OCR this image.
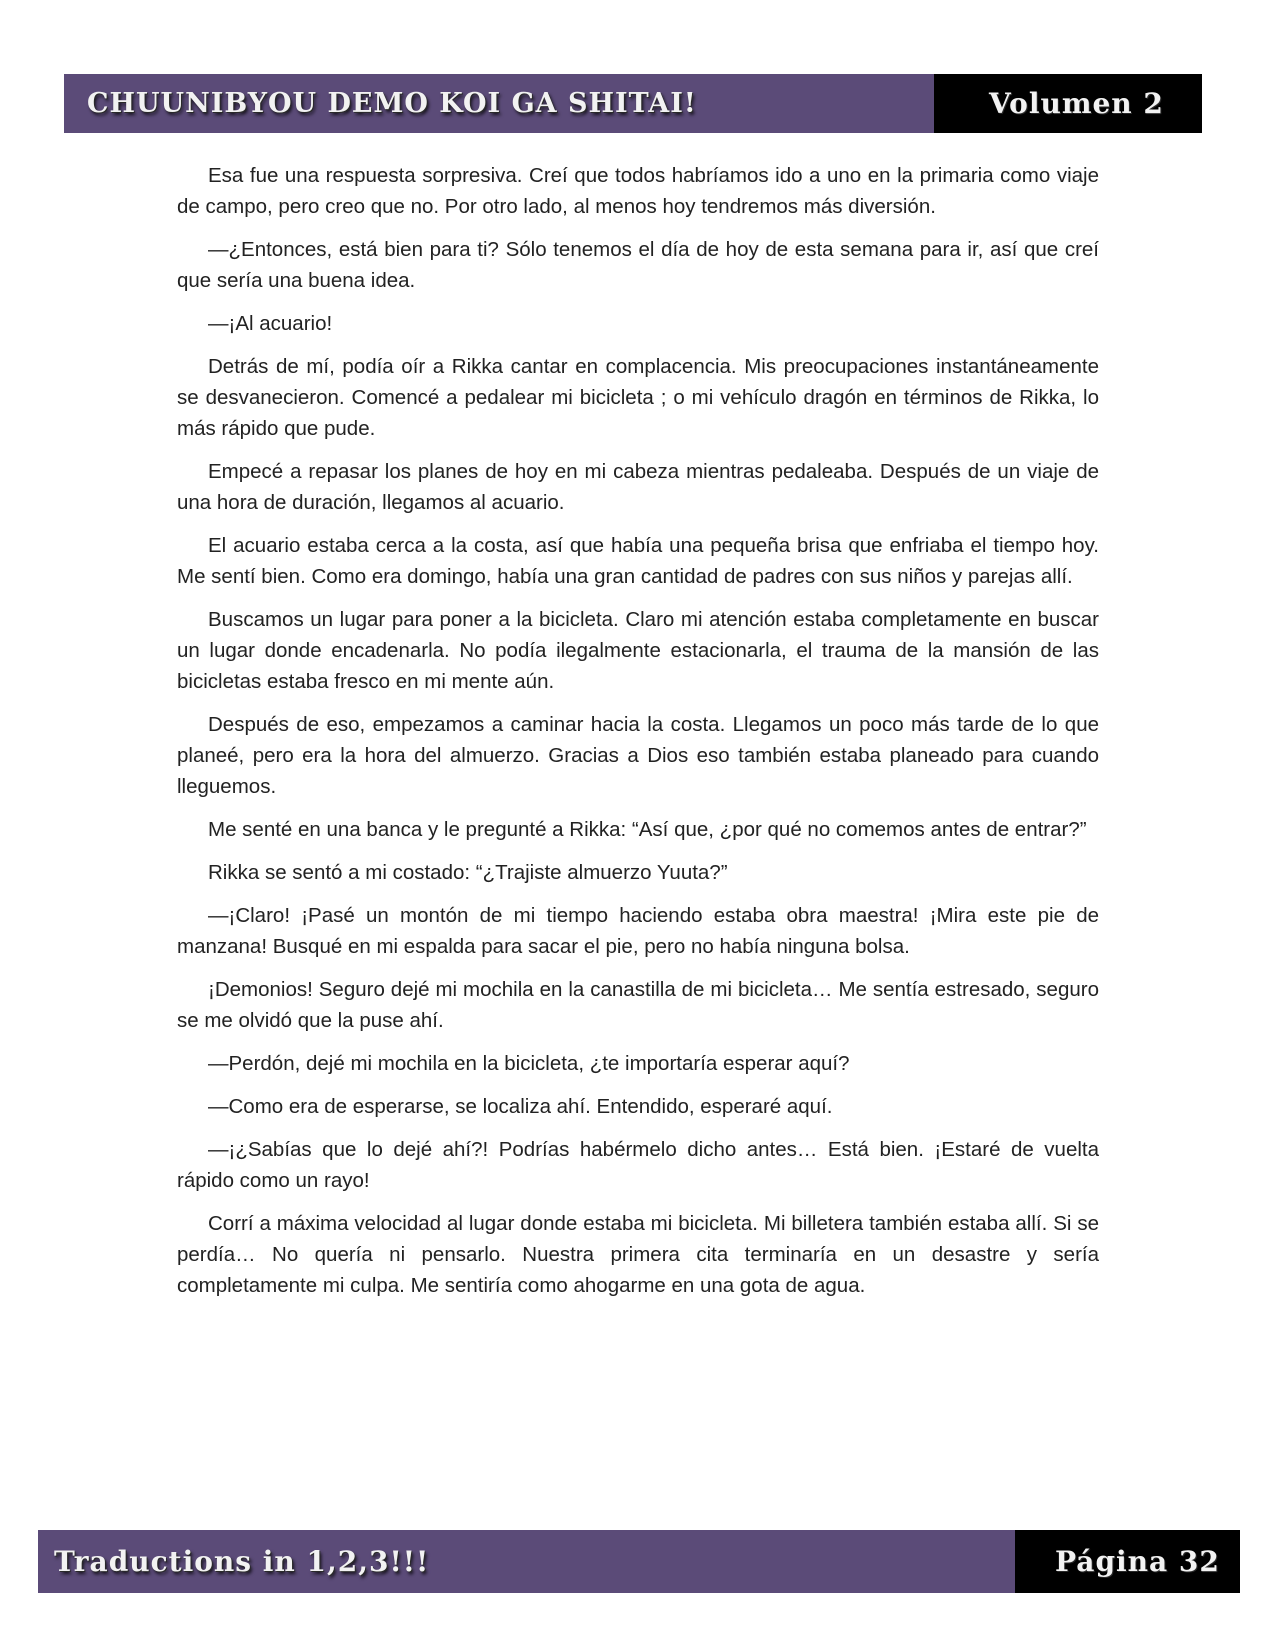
CHUUNIBYOU DEMO KOI GA SHITAI!	Volumen 2

Esa fue una respuesta sorpresiva. Creí que todos habríamos ido a uno en la primaria como viaje de campo, pero creo que no. Por otro lado, al menos hoy tendremos más diversión.

—¿Entonces, está bien para ti? Sólo tenemos el día de hoy de esta semana para ir, así que creí que sería una buena idea.

—¡Al acuario!

Detrás de mí, podía oír a Rikka cantar en complacencia. Mis preocupaciones instantáneamente se desvanecieron. Comencé a pedalear mi bicicleta ; o mi vehículo dragón en términos de Rikka, lo más rápido que pude.

Empecé a repasar los planes de hoy en mi cabeza mientras pedaleaba. Después de un viaje de una hora de duración, llegamos al acuario.

El acuario estaba cerca a la costa, así que había una pequeña brisa que enfriaba el tiempo hoy. Me sentí bien. Como era domingo, había una gran cantidad de padres con sus niños y parejas allí.

Buscamos un lugar para poner a la bicicleta. Claro mi atención estaba completamente en buscar un lugar donde encadenarla. No podía ilegalmente estacionarla, el trauma de la mansión de las bicicletas estaba fresco en mi mente aún.

Después de eso, empezamos a caminar hacia la costa. Llegamos un poco más tarde de lo que planeé, pero era la hora del almuerzo. Gracias a Dios eso también estaba planeado para cuando lleguemos.

Me senté en una banca y le pregunté a Rikka: “Así que, ¿por qué no comemos antes de entrar?”

Rikka se sentó a mi costado: “¿Trajiste almuerzo Yuuta?”

—¡Claro! ¡Pasé un montón de mi tiempo haciendo estaba obra maestra! ¡Mira este pie de manzana! Busqué en mi espalda para sacar el pie, pero no había ninguna bolsa.

¡Demonios! Seguro dejé mi mochila en la canastilla de mi bicicleta… Me sentía estresado, seguro se me olvidó que la puse ahí.

—Perdón, dejé mi mochila en la bicicleta, ¿te importaría esperar aquí?

—Como era de esperarse, se localiza ahí. Entendido, esperaré aquí.

—¡¿Sabías que lo dejé ahí?! Podrías habérmelo dicho antes… Está bien. ¡Estaré de vuelta rápido como un rayo!

Corrí a máxima velocidad al lugar donde estaba mi bicicleta. Mi billetera también estaba allí. Si se perdía… No quería ni pensarlo. Nuestra primera cita terminaría en un desastre y sería completamente mi culpa. Me sentiría como ahogarme en una gota de agua.

Traductions in 1,2,3!!!	Página 32
